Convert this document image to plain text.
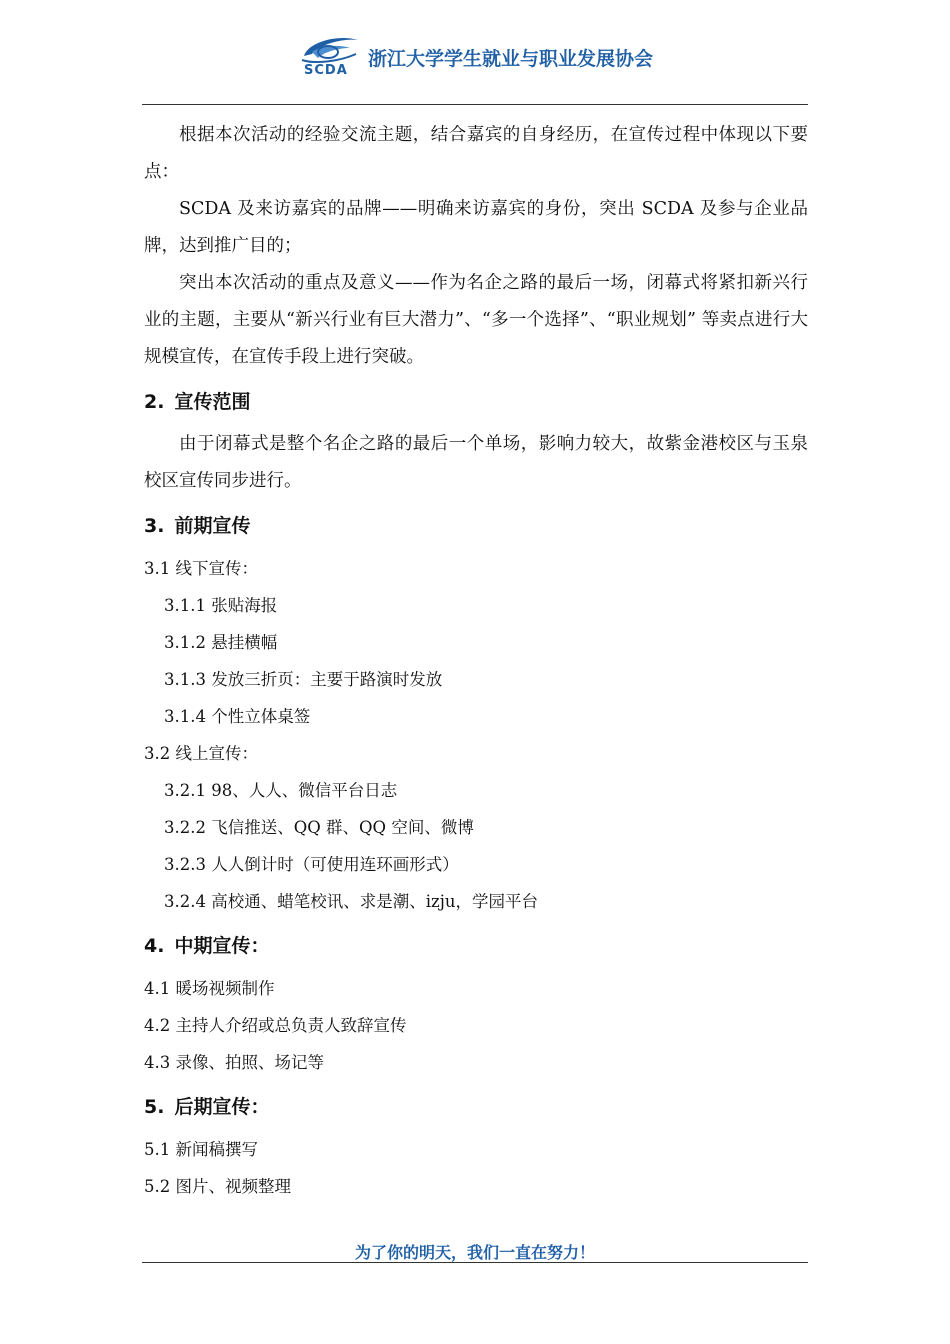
SCDA
浙江大学学生就业与职业发展协会

根据本次活动的经验交流主题，结合嘉宾的自身经历，在宣传过程中体现以下要点：

SCDA 及来访嘉宾的品牌——明确来访嘉宾的身份，突出 SCDA 及参与企业品牌，达到推广目的；

突出本次活动的重点及意义——作为名企之路的最后一场，闭幕式将紧扣新兴行业的主题，主要从“新兴行业有巨大潜力”、“多一个选择”、“职业规划” 等卖点进行大规模宣传，在宣传手段上进行突破。

2. 宣传范围

由于闭幕式是整个名企之路的最后一个单场，影响力较大，故紫金港校区与玉泉校区宣传同步进行。

3. 前期宣传

3.1 线下宣传：

3.1.1 张贴海报

3.1.2 悬挂横幅

3.1.3 发放三折页：主要于路演时发放

3.1.4 个性立体桌签

3.2 线上宣传：

3.2.1 98、人人、微信平台日志

3.2.2 飞信推送、QQ 群、QQ 空间、微博

3.2.3 人人倒计时（可使用连环画形式）

3.2.4 高校通、蜡笔校讯、求是潮、izju，学园平台

4. 中期宣传：

4.1 暖场视频制作

4.2 主持人介绍或总负责人致辞宣传

4.3 录像、拍照、场记等

5. 后期宣传：

5.1 新闻稿撰写

5.2 图片、视频整理

为了你的明天，我们一直在努力！
